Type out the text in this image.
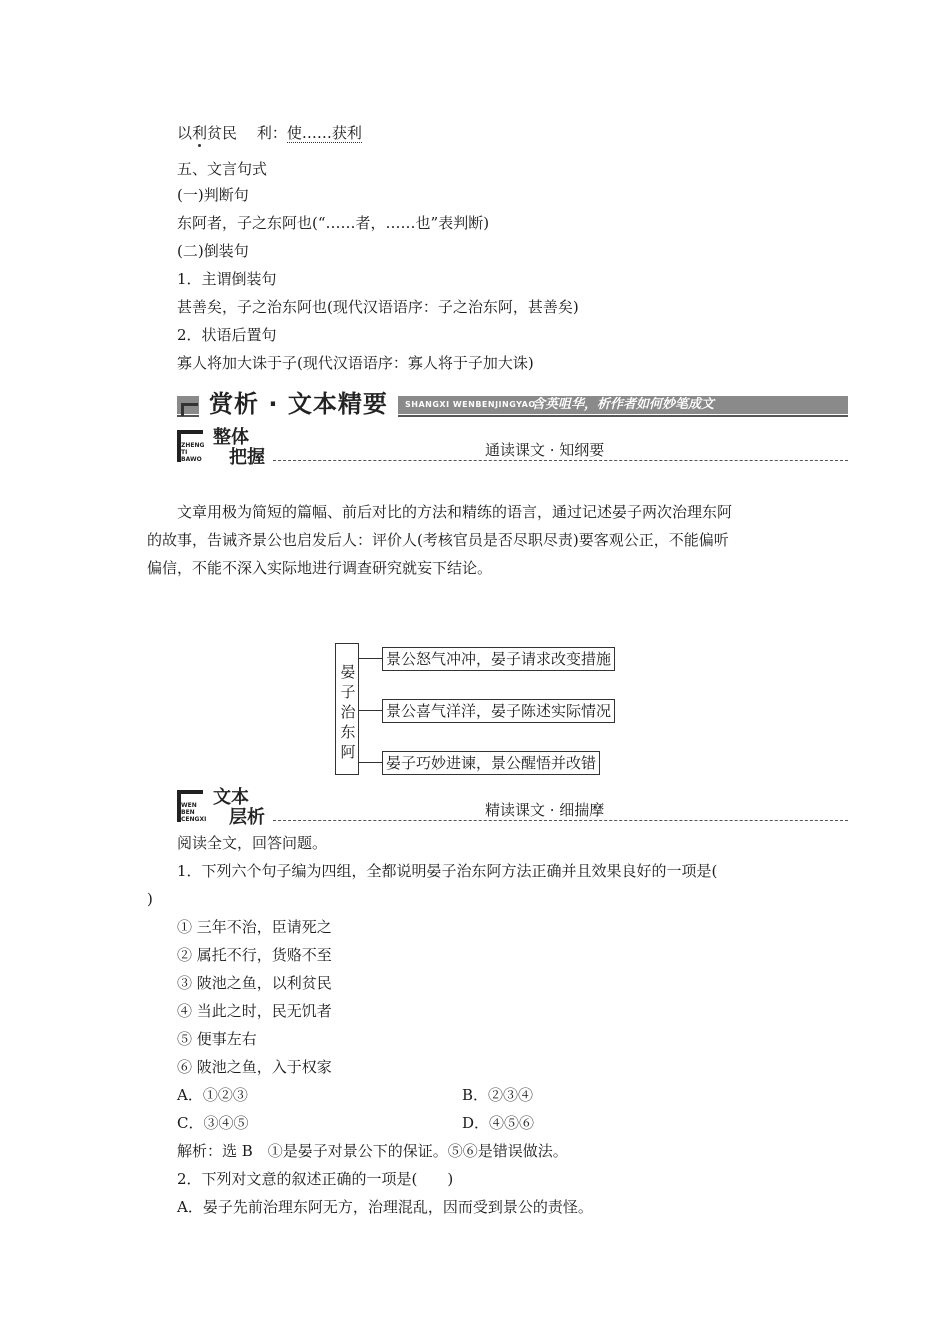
以利贫民　 利：使……获利
五、文言句式
(一)判断句
东阿者，子之东阿也(“……者，……也”表判断)
(二)倒装句
1．主谓倒装句
甚善矣，子之治东阿也(现代汉语语序：子之治东阿，甚善矣)
2．状语后置句
寡人将加大诛于子(现代汉语语序：寡人将于子加大诛)
赏析 · 文本精要	SHANGXI WENBENJINGYAO
含英咀华，析作者如何妙笔成文
ZHENG TI BAWO
整体
把握	通读课文 · 知纲要
文章用极为简短的篇幅、前后对比的方法和精练的语言，通过记述晏子两次治理东阿
的故事，告诫齐景公也启发后人：评价人(考核官员是否尽职尽责)要客观公正，不能偏听
偏信，不能不深入实际地进行调查研究就妄下结论。
晏子治东阿
景公怒气冲冲，晏子请求改变措施
景公喜气洋洋，晏子陈述实际情况
晏子巧妙进谏，景公醒悟并改错
WEN BEN CENGXI
文本
层析	精读课文 · 细揣摩
阅读全文，回答问题。
1．下列六个句子编为四组，全都说明晏子治东阿方法正确并且效果良好的一项是(
)
① 三年不治，臣请死之
② 属托不行，货赂不至
③ 陂池之鱼，以利贫民
④ 当此之时，民无饥者
⑤ 便事左右
⑥ 陂池之鱼，入于权家
A．①②③	B．②③④
C．③④⑤	D．④⑤⑥
解析：选 B　①是晏子对景公下的保证。⑤⑥是错误做法。
2．下列对文意的叙述正确的一项是(　　)
A．晏子先前治理东阿无方，治理混乱，因而受到景公的责怪。
